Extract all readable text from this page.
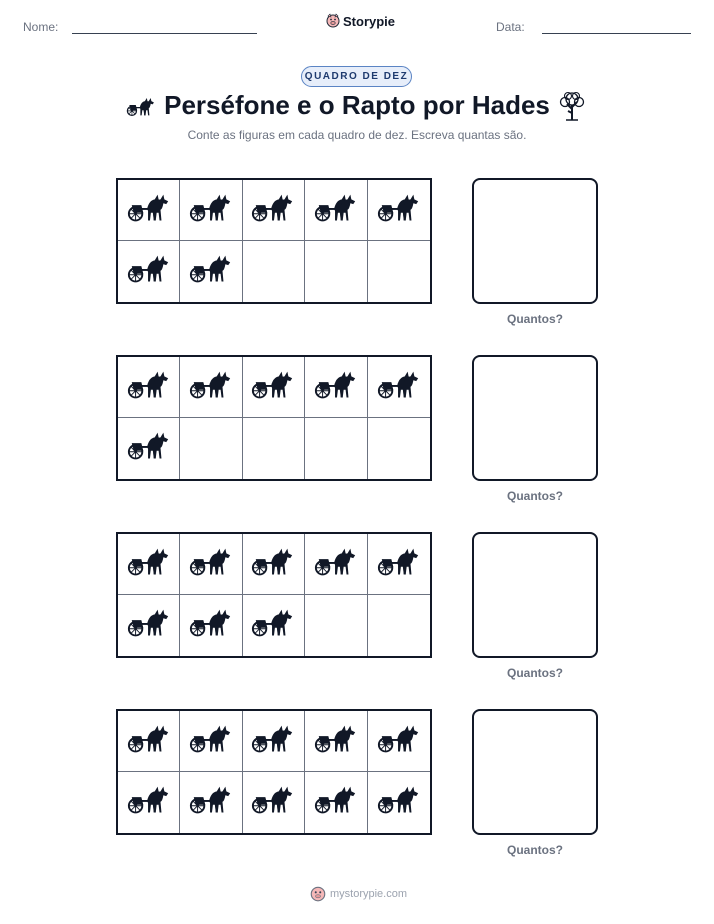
Nome:	Storypie	Data:
QUADRO DE DEZ
Perséfone e o Rapto por Hades
Conte as figuras em cada quadro de dez. Escreva quantas são.
Quantos?
Quantos?
Quantos?
Quantos?
mystorypie.com
